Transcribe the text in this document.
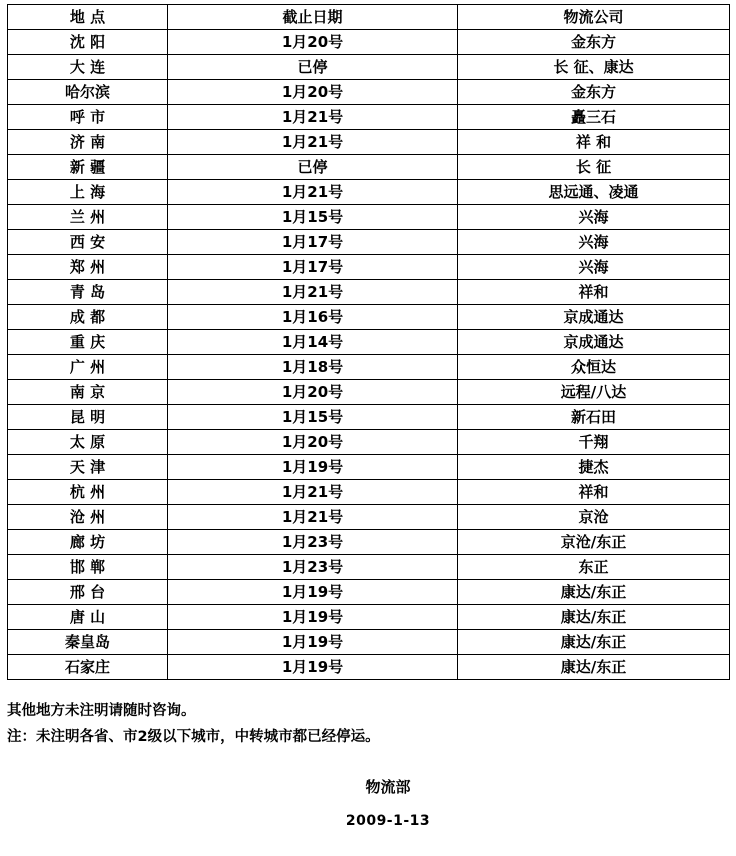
地 点	截止日期	物流公司
沈 阳	1月20号	金东方
大 连	已停	长 征、康达
哈尔滨	1月20号	金东方
呼 市	1月21号	矗三石
济 南	1月21号	祥 和
新 疆	已停	长 征
上 海	1月21号	思远通、凌通
兰 州	1月15号	兴海
西 安	1月17号	兴海
郑 州	1月17号	兴海
青 岛	1月21号	祥和
成 都	1月16号	京成通达
重 庆	1月14号	京成通达
广 州	1月18号	众恒达
南 京	1月20号	远程/八达
昆 明	1月15号	新石田
太 原	1月20号	千翔
天 津	1月19号	捷杰
杭 州	1月21号	祥和
沧 州	1月21号	京沧
廊 坊	1月23号	京沧/东正
邯 郸	1月23号	东正
邢 台	1月19号	康达/东正
唐 山	1月19号	康达/东正
秦皇岛	1月19号	康达/东正
石家庄	1月19号	康达/东正
其他地方未注明请随时咨询。
注：未注明各省、市2级以下城市，中转城市都已经停运。
物流部
2009-1-13
